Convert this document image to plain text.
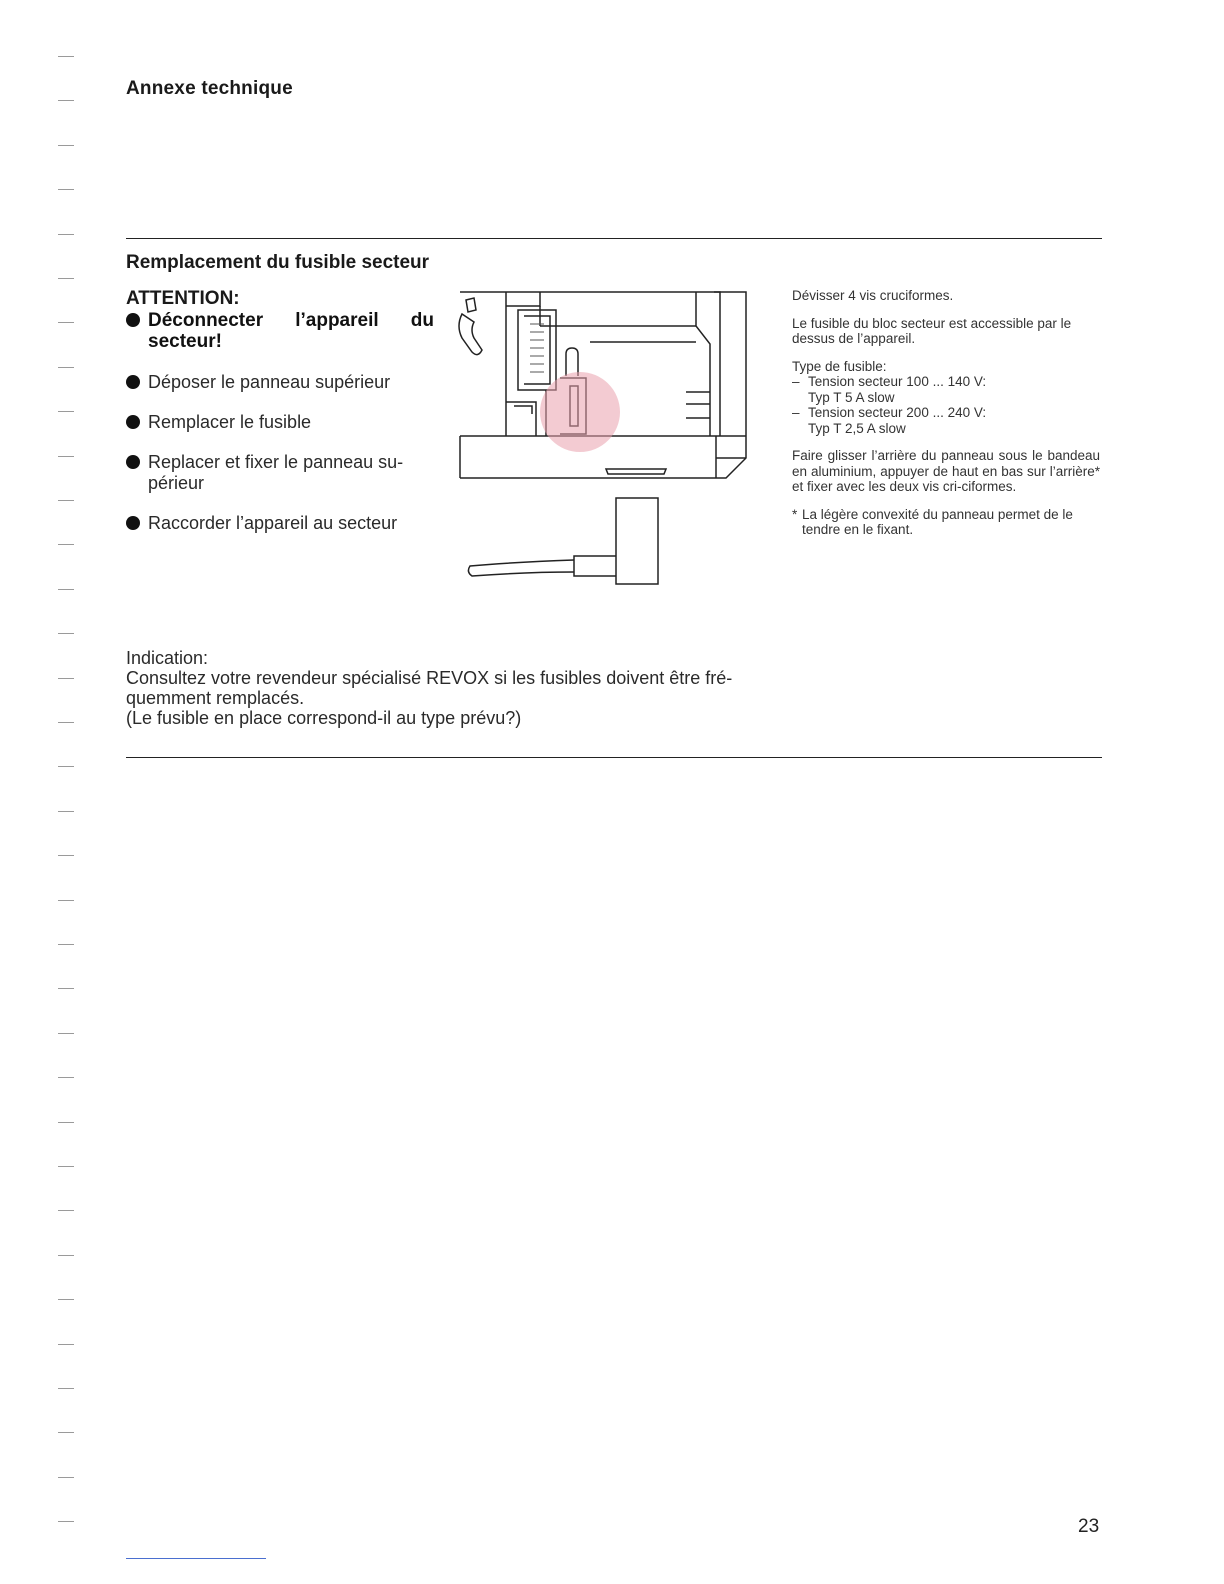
Annexe technique
Remplacement du fusible secteur
ATTENTION:
Déconnecter l’appareil du secteur!
Déposer le panneau supérieur
Remplacer le fusible
Replacer et fixer le panneau su-périeur
Raccorder l’appareil au secteur

Dévisser 4 vis cruciformes.

Le fusible du bloc secteur est accessible par le dessus de l’appareil.

Type de fusible:
– Tension secteur 100 ... 140 V:
Typ T 5 A slow
– Tension secteur 200 ... 240 V:
Typ T 2,5 A slow

Faire glisser l’arrière du panneau sous le bandeau en aluminium, appuyer de haut en bas sur l’arrière* et fixer avec les deux vis cri-ciformes.

* La légère convexité du panneau permet de le tendre en le fixant.
Indication:
Consultez votre revendeur spécialisé REVOX si les fusibles doivent être fré-quemment remplacés.
(Le fusible en place correspond-il au type prévu?)
23
